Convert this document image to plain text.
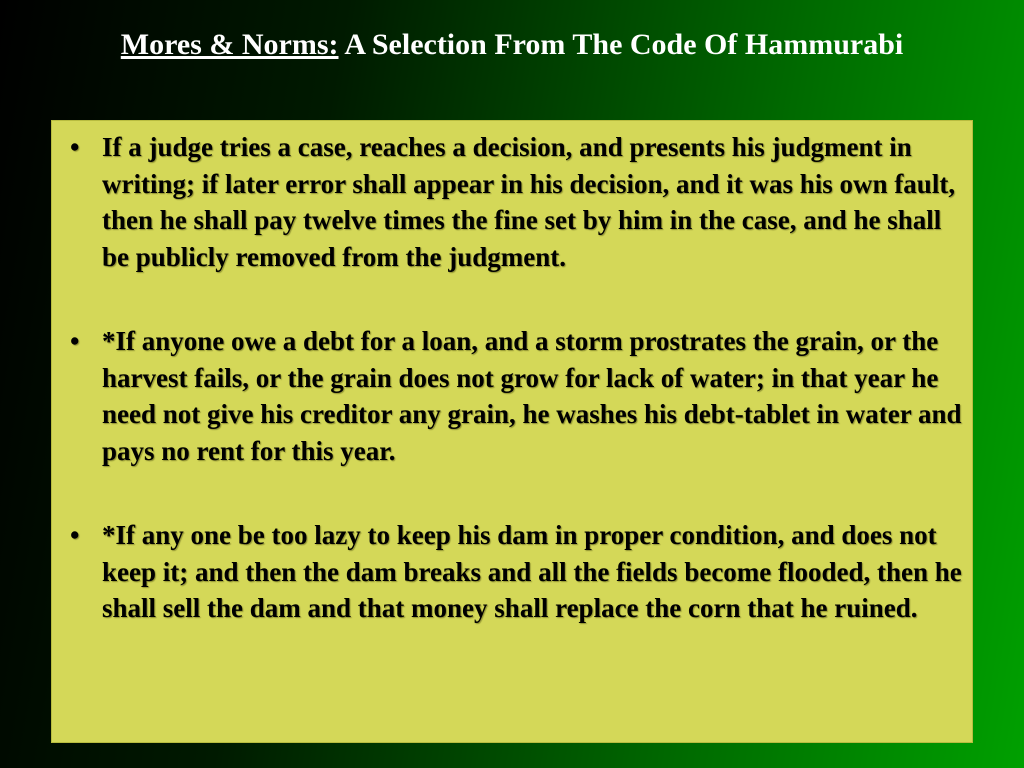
Mores & Norms: A Selection From The Code Of Hammurabi
• If a judge tries a case, reaches a decision, and presents his judgment in writing; if later error shall appear in his decision, and it was his own fault, then he shall pay twelve times the fine set by him in the case, and he shall be publicly removed from the judgment.
• *If anyone owe a debt for a loan, and a storm prostrates the grain, or the harvest fails, or the grain does not grow for lack of water; in that year he need not give his creditor any grain, he washes his debt-tablet in water and pays no rent for this year.
• *If any one be too lazy to keep his dam in proper condition, and does not keep it; and then the dam breaks and all the fields become flooded, then he shall sell the dam and that money shall replace the corn that he ruined.
